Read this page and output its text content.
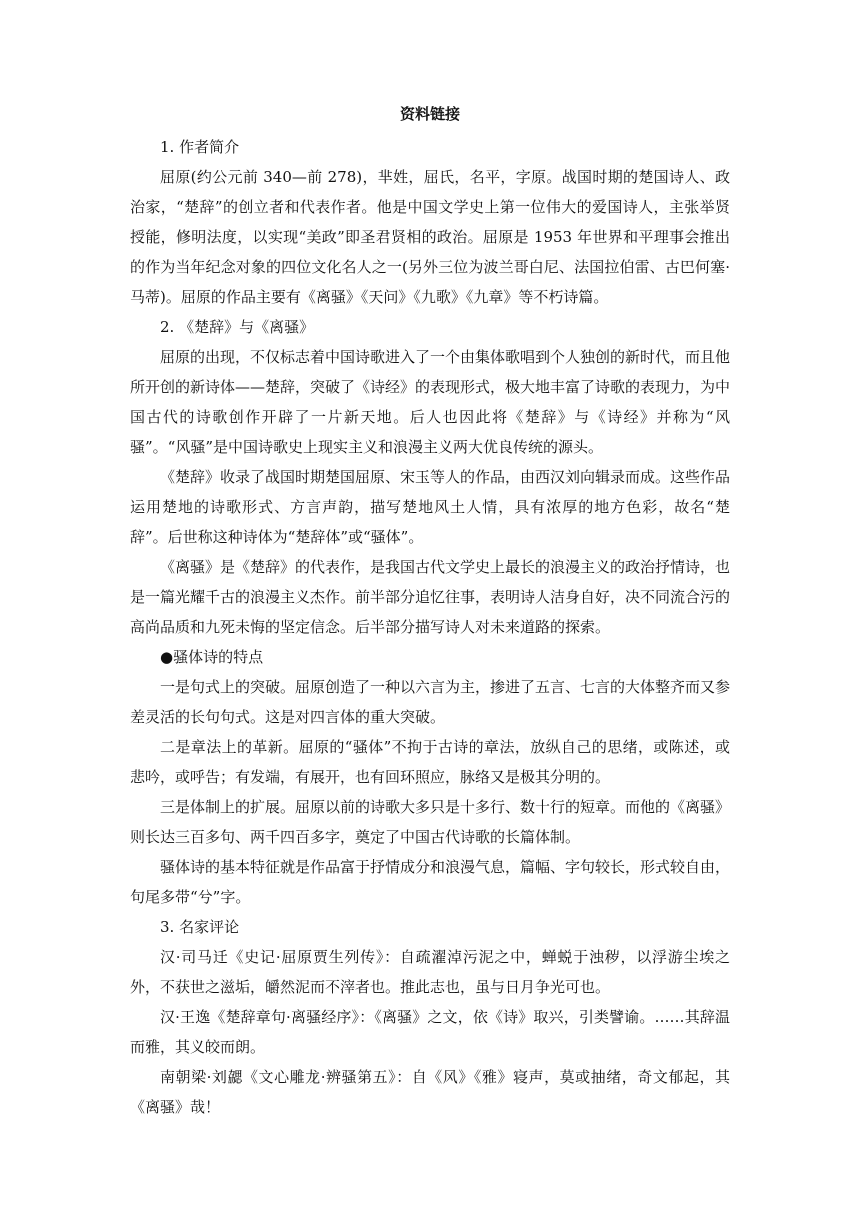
资料链接
1. 作者简介

屈原(约公元前 340—前 278)，芈姓，屈氏，名平，字原。战国时期的楚国诗人、政治家，“楚辞”的创立者和代表作者。他是中国文学史上第一位伟大的爱国诗人，主张举贤授能，修明法度，以实现“美政”即圣君贤相的政治。屈原是 1953 年世界和平理事会推出的作为当年纪念对象的四位文化名人之一(另外三位为波兰哥白尼、法国拉伯雷、古巴何塞·马蒂)。屈原的作品主要有《离骚》《天问》《九歌》《九章》等不朽诗篇。

2. 《楚辞》与《离骚》

屈原的出现，不仅标志着中国诗歌进入了一个由集体歌唱到个人独创的新时代，而且他所开创的新诗体——楚辞，突破了《诗经》的表现形式，极大地丰富了诗歌的表现力，为中国古代的诗歌创作开辟了一片新天地。后人也因此将《楚辞》与《诗经》并称为“风骚”。“风骚”是中国诗歌史上现实主义和浪漫主义两大优良传统的源头。

《楚辞》收录了战国时期楚国屈原、宋玉等人的作品，由西汉刘向辑录而成。这些作品运用楚地的诗歌形式、方言声韵，描写楚地风土人情，具有浓厚的地方色彩，故名“楚辞”。后世称这种诗体为“楚辞体”或“骚体”。

《离骚》是《楚辞》的代表作，是我国古代文学史上最长的浪漫主义的政治抒情诗，也是一篇光耀千古的浪漫主义杰作。前半部分追忆往事，表明诗人洁身自好，决不同流合污的高尚品质和九死未悔的坚定信念。后半部分描写诗人对未来道路的探索。

●骚体诗的特点

一是句式上的突破。屈原创造了一种以六言为主，掺进了五言、七言的大体整齐而又参差灵活的长句句式。这是对四言体的重大突破。

二是章法上的革新。屈原的“骚体”不拘于古诗的章法，放纵自己的思绪，或陈述，或悲吟，或呼告；有发端，有展开，也有回环照应，脉络又是极其分明的。

三是体制上的扩展。屈原以前的诗歌大多只是十多行、数十行的短章。而他的《离骚》则长达三百多句、两千四百多字，奠定了中国古代诗歌的长篇体制。

骚体诗的基本特征就是作品富于抒情成分和浪漫气息，篇幅、字句较长，形式较自由，句尾多带“兮”字。

3. 名家评论

汉·司马迁《史记·屈原贾生列传》：自疏濯淖污泥之中，蝉蜕于浊秽，以浮游尘埃之外，不获世之滋垢，皭然泥而不滓者也。推此志也，虽与日月争光可也。

汉·王逸《楚辞章句·离骚经序》：《离骚》之文，依《诗》取兴，引类譬谕。……其辞温而雅，其义皎而朗。

南朝梁·刘勰《文心雕龙·辨骚第五》：自《风》《雅》寝声，莫或抽绪，奇文郁起，其《离骚》哉！
